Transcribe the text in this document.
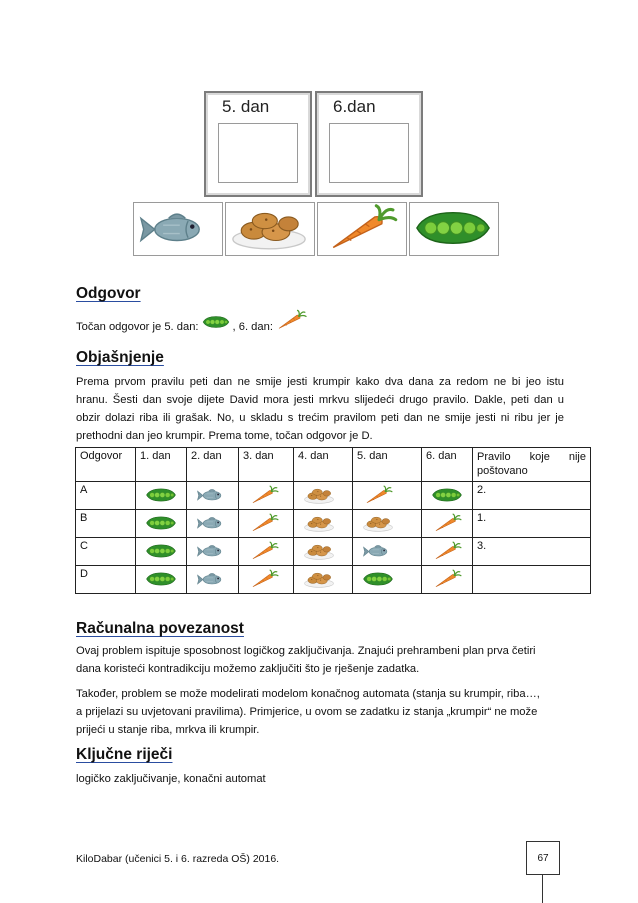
5. dan	6.dan
Odgovor

Točan odgovor je 5. dan:	, 6. dan:

Objašnjenje
Prema prvom pravilu peti dan ne smije jesti krumpir kako dva dana za redom ne bi jeo istu
hranu. Šesti dan svoje dijete David mora jesti mrkvu slijedeći drugo pravilo. Dakle, peti dan u
obzir dolazi riba ili grašak. No, u skladu s trećim pravilom peti dan ne smije jesti ni ribu jer je
prethodni dan jeo krumpir. Prema tome, točan odgovor je D.
Odgovor	1. dan	2. dan	3. dan	4. dan	5. dan	6. dan	Pravilo koje nije
poštovano

A							2.
B							1.
C							3.
D							
Računalna povezanost
Ovaj problem ispituje sposobnost logičkog zaključivanja. Znajući prehrambeni plan prva četiri
dana koristeći kontradikciju možemo zaključiti što je rješenje zadatka.
Također, problem se može modelirati modelom konačnog automata (stanja su krumpir, riba…,
a prijelazi su uvjetovani pravilima). Primjerice, u ovom se zadatku iz stanja „krumpir“ ne može
prijeći u stanje riba, mrkva ili krumpir.
Ključne riječi

logičko zaključivanje, konačni automat

KiloDabar (učenici 5. i 6. razreda OŠ) 2016.	67
